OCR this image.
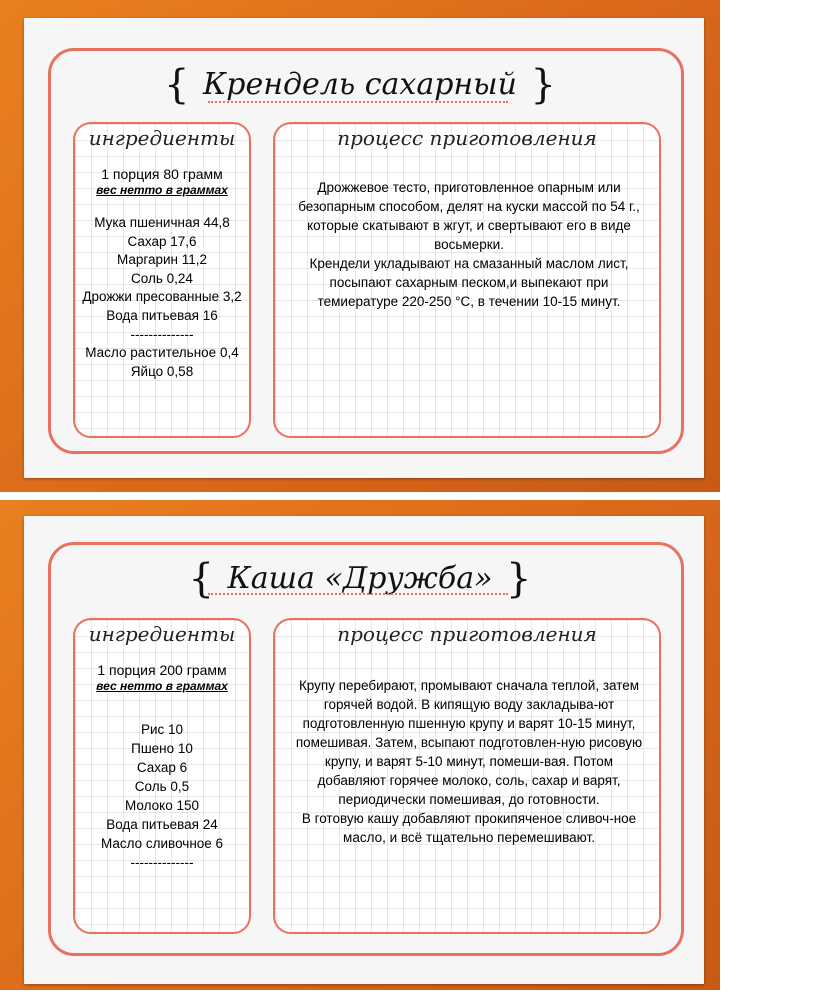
{ Крендель сахарный }
ингредиенты
1 порция 80 грамм
вес нетто в граммах
Мука пшеничная 44,8
Сахар 17,6
Маргарин 11,2
Соль 0,24
Дрожжи пресованные 3,2
Вода питьевая 16
--------------
Масло растительное 0,4
Яйцо 0,58
процесс приготовления

Дрожжевое тесто, приготовленное опарным или безопарным способом, делят на куски массой по 54 г., которые скатывают в жгут, и свертывают его в виде восьмерки.

Крендели укладывают на смазанный маслом лист, посыпают сахарным песком,и выпекают при темиературе 220-250 °С, в течении 10-15 минут.

{ Каша «Дружба» }
ингредиенты
1 порция 200 грамм
вес нетто в граммах
Рис 10
Пшено 10
Сахар 6
Соль 0,5
Молоко 150
Вода питьевая 24
Масло сливочное 6
--------------
процесс приготовления

Крупу перебирают, промывают сначала теплой, затем горячей водой. В кипящую воду закладыва-ют подготовленную пшенную крупу и варят 10-15 минут, помешивая. Затем, всыпают подготовлен-ную рисовую крупу, и варят 5-10 минут, помеши-вая. Потом добавляют горячее молоко, соль, сахар и варят, периодически помешивая, до готовности.

В готовую кашу добавляют прокипяченое сливоч-ное масло, и всё тщательно перемешивают.
